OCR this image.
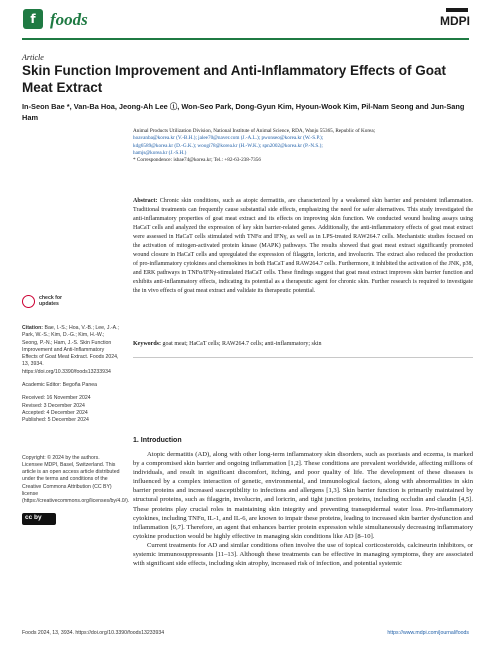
f foods	MDPI
Article
Skin Function Improvement and Anti-Inflammatory Effects of Goat Meat Extract
In-Seon Bae *, Van-Ba Hoa, Jeong-Ah Lee ⓘ, Won-Seo Park, Dong-Gyun Kim, Hyoun-Wook Kim, Pil-Nam Seong and Jun-Sang Ham

Animal Products Utilization Division, National Institute of Animal Science, RDA, Wanju 55365, Republic of Korea;

hoavanba@korea.kr (V.-B.H.); jalee70@naver.com (J.-A.L.); pwonseo@korea.kr (W.-S.P.);

kdg6589@korea.kr (D.-G.K.); woogi78@korea.kr (H.-W.K.); spn2002@korea.kr (P.-N.S.);

hamjs@korea.kr (J.-S.H.)

* Correspondence: isbae74@korea.kr; Tel.: +82-63-238-7356

Abstract: Chronic skin conditions, such as atopic dermatitis, are characterized by a weakened skin barrier and persistent inflammation. Traditional treatments can frequently cause substantial side effects, emphasizing the need for safer alternatives. This study investigated the anti-inflammatory properties of goat meat extract and its effects on improving skin function. We conducted wound healing assays using HaCaT cells and analyzed the expression of key skin barrier-related genes. Additionally, the anti-inflammatory effects of goat meat extract were assessed in HaCaT cells stimulated with TNFα and IFNγ, as well as in LPS-treated RAW264.7 cells. Mechanistic studies focused on the activation of mitogen-activated protein kinase (MAPK) pathways. The results showed that goat meat extract significantly promoted wound closure in HaCaT cells and upregulated the expression of filaggrin, loricrin, and involucrin. The extract also reduced the production of pro-inflammatory cytokines and chemokines in both HaCaT and RAW264.7 cells. Furthermore, it inhibited the activation of the JNK, p38, and ERK pathways in TNFα/IFNγ-stimulated HaCaT cells. These findings suggest that goat meat extract improves skin barrier function and exhibits anti-inflammatory effects, indicating its potential as a therapeutic agent for chronic skin. Further research is required to investigate the in vivo effects of goat meat extract and validate its therapeutic potential.
Keywords: goat meat; HaCaT cells; RAW264.7 cells; anti-inflammatory; skin
check for
updates

Citation: Bae, I.-S.; Hoa, V.-B.; Lee, J.-A.; Park, W.-S.; Kim, D.-G.; Kim, H.-W.; Seong, P.-N.; Ham, J.-S. Skin Function Improvement and Anti-Inflammatory Effects of Goat Meat Extract. Foods 2024, 13, 3934. https://doi.org/10.3390/foods13233934

Academic Editor: Begoña Panea

Received: 16 November 2024

Revised: 3 December 2024

Accepted: 4 December 2024

Published: 5 December 2024

Copyright: © 2024 by the authors. Licensee MDPI, Basel, Switzerland. This article is an open access article distributed under the terms and conditions of the Creative Commons Attribution (CC BY) license (https://creativecommons.org/licenses/by/4.0/).

cc by
1. Introduction

Atopic dermatitis (AD), along with other long-term inflammatory skin disorders, such as psoriasis and eczema, is marked by a compromised skin barrier and ongoing inflammation [1,2]. These conditions are prevalent worldwide, affecting millions of individuals, and result in significant discomfort, itching, and poor quality of life. The development of these diseases is influenced by a complex interaction of genetic, environmental, and immunological factors, along with abnormalities in skin barrier proteins and increased susceptibility to infections and allergens [1,3]. Skin barrier function is primarily maintained by structural proteins, such as filaggrin, involucrin, and loricrin, and tight junction proteins, including occludin and claudin [4,5]. These proteins play crucial roles in maintaining skin integrity and preventing transepidermal water loss. Pro-inflammatory cytokines, including TNFα, IL-1, and IL-6, are known to impair these proteins, leading to increased skin barrier dysfunction and inflammation [6,7]. Therefore, an agent that enhances barrier protein expression while simultaneously decreasing inflammatory cytokine production would be highly effective in managing skin conditions like AD [8–10].

Current treatments for AD and similar conditions often involve the use of topical corticosteroids, calcineurin inhibitors, or systemic immunosuppressants [11–13]. Although these treatments can be effective in managing symptoms, they are associated with significant side effects, including skin atrophy, increased risk of infection, and potential systemic

Foods 2024, 13, 3934. https://doi.org/10.3390/foods13233934	https://www.mdpi.com/journal/foods
